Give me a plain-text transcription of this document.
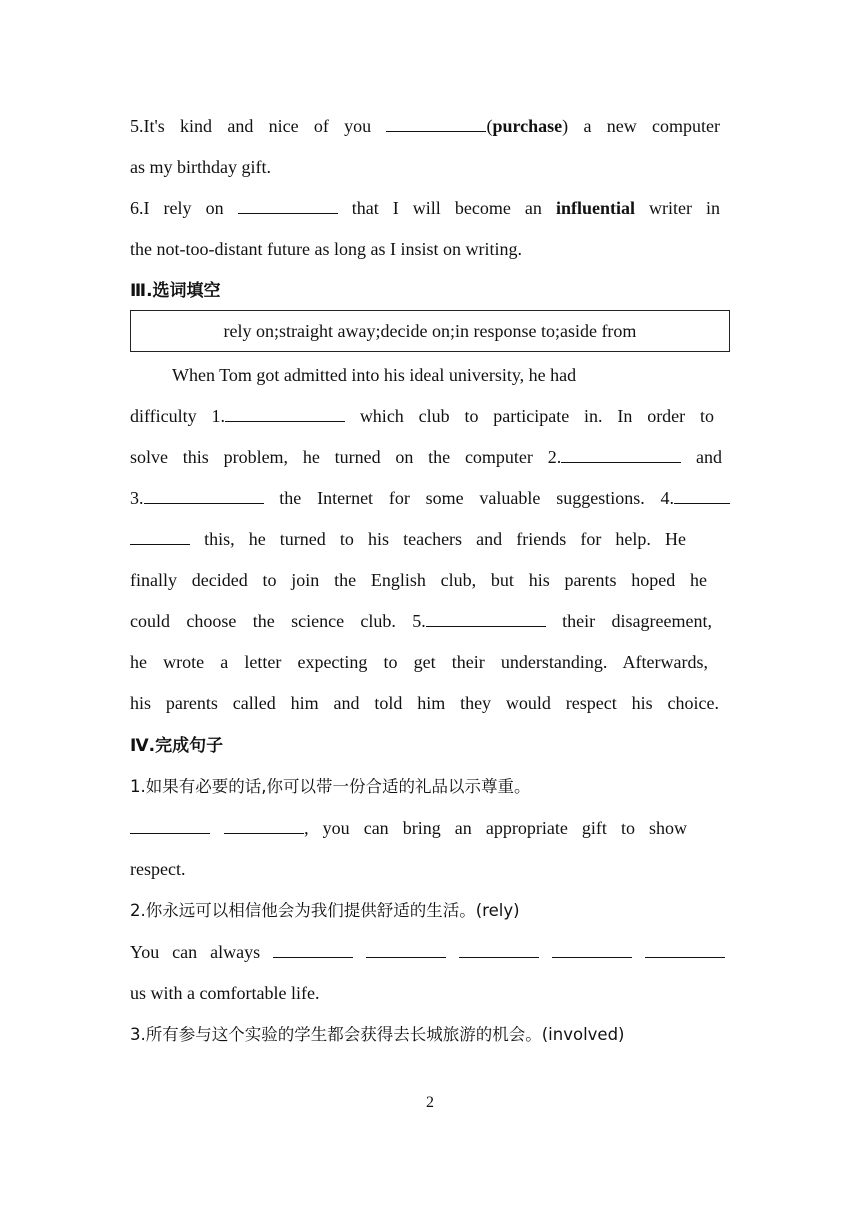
5.It's kind and nice of you	(purchase) a new computer
as my birthday gift.
6.I rely on	that I will become an influential writer in
the not-too-distant future as long as I insist on writing.
Ⅲ.选词填空
rely on;straight away;decide on;in response to;aside from
When Tom got admitted into his ideal university, he had
difficulty 1.	which club to participate in. In order to
solve this problem, he turned on the computer 2.	and
3.	the Internet for some valuable suggestions. 4.
this, he turned to his teachers and friends for help. He
finally decided to join the English club, but his parents hoped he
could choose the science club. 5.	their disagreement,
he wrote a letter expecting to get their understanding. Afterwards,
his parents called him and told him they would respect his choice.
Ⅳ.完成句子
1.如果有必要的话,你可以带一份合适的礼品以示尊重。
, you can bring an appropriate gift to show
respect.
2.你永远可以相信他会为我们提供舒适的生活。(rely)
You can always
us with a comfortable life.
3.所有参与这个实验的学生都会获得去长城旅游的机会。(involved)
2
